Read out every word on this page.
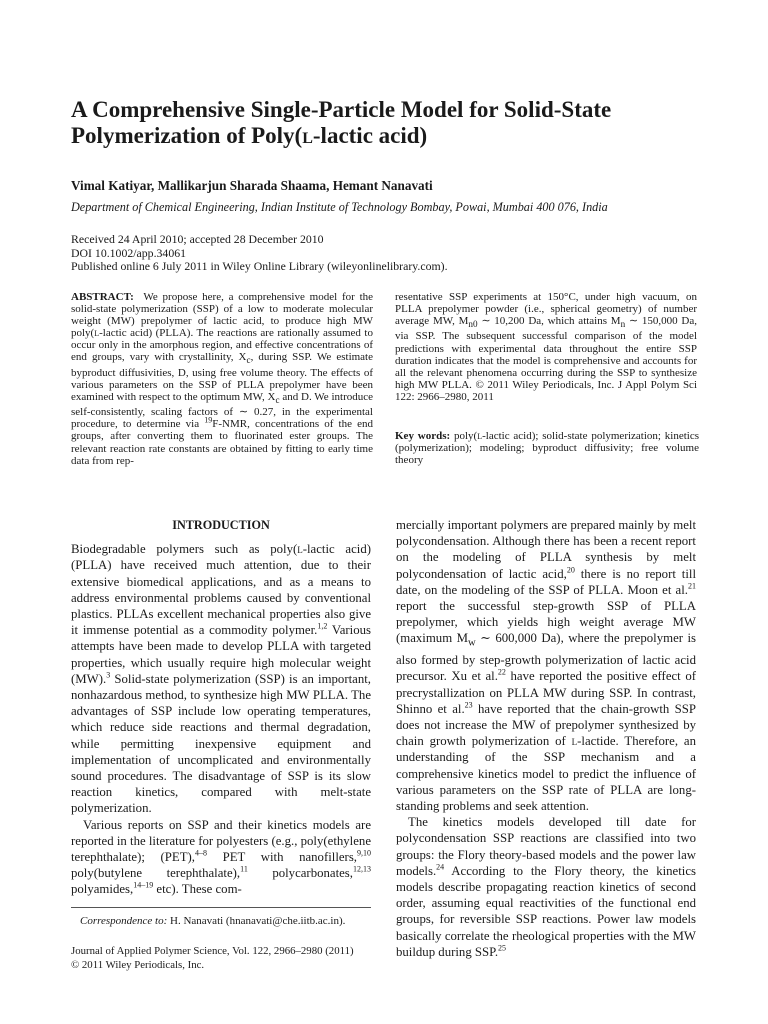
A Comprehensive Single-Particle Model for Solid-State Polymerization of Poly(l-lactic acid)

Vimal Katiyar, Mallikarjun Sharada Shaama, Hemant Nanavati

Department of Chemical Engineering, Indian Institute of Technology Bombay, Powai, Mumbai 400 076, India

Received 24 April 2010; accepted 28 December 2010
DOI 10.1002/app.34061
Published online 6 July 2011 in Wiley Online Library (wileyonlinelibrary.com).

ABSTRACT: We propose here, a comprehensive model for the solid-state polymerization (SSP) of a low to moderate molecular weight (MW) prepolymer of lactic acid, to produce high MW poly(l-lactic acid) (PLLA). The reactions are rationally assumed to occur only in the amorphous region, and effective concentrations of end groups, vary with crystallinity, $X_c$, during SSP. We estimate byproduct diffusivities, D, using free volume theory. The effects of various parameters on the SSP of PLLA prepolymer have been examined with respect to the optimum MW, $X_c$ and D. We introduce self-consistently, scaling factors of ∼ 0.27, in the experimental procedure, to determine via $^{19}$F-NMR, concentrations of the end groups, after converting them to fluorinated ester groups. The relevant reaction rate constants are obtained by fitting to early time data from rep-

resentative SSP experiments at 150°C, under high vacuum, on PLLA prepolymer powder (i.e., spherical geometry) of number average MW, $M_{n0}$ ∼ 10,200 Da, which attains $M_n$ ∼ 150,000 Da, via SSP. The subsequent successful comparison of the model predictions with experimental data throughout the entire SSP duration indicates that the model is comprehensive and accounts for all the relevant phenomena occurring during the SSP to synthesize high MW PLLA. © 2011 Wiley Periodicals, Inc. J Appl Polym Sci 122: 2966–2980, 2011

Key words: poly(l-lactic acid); solid-state polymerization; kinetics (polymerization); modeling; byproduct diffusivity; free volume theory

INTRODUCTION

Biodegradable polymers such as poly(l-lactic acid) (PLLA) have received much attention, due to their extensive biomedical applications, and as a means to address environmental problems caused by conventional plastics. PLLAs excellent mechanical properties also give it immense potential as a commodity polymer.$^{1,2}$ Various attempts have been made to develop PLLA with targeted properties, which usually require high molecular weight (MW).$^3$ Solid-state polymerization (SSP) is an important, nonhazardous method, to synthesize high MW PLLA. The advantages of SSP include low operating temperatures, which reduce side reactions and thermal degradation, while permitting inexpensive equipment and implementation of uncomplicated and environmentally sound procedures. The disadvantage of SSP is its slow reaction kinetics, compared with melt-state polymerization.

Various reports on SSP and their kinetics models are reported in the literature for polyesters (e.g., poly(ethylene terephthalate); (PET),$^{4-8}$ PET with nanofillers,$^{9,10}$ poly(butylene terephthalate),$^{11}$ polycarbonates,$^{12,13}$ polyamides,$^{14-19}$ etc). These com-

mercially important polymers are prepared mainly by melt polycondensation. Although there has been a recent report on the modeling of PLLA synthesis by melt polycondensation of lactic acid,$^{20}$ there is no report till date, on the modeling of the SSP of PLLA. Moon et al.$^{21}$ report the successful step-growth SSP of PLLA prepolymer, which yields high weight average MW (maximum $M_w$ ∼ 600,000 Da), where the prepolymer is also formed by step-growth polymerization of lactic acid precursor. Xu et al.$^{22}$ have reported the positive effect of precrystallization on PLLA MW during SSP. In contrast, Shinno et al.$^{23}$ have reported that the chain-growth SSP does not increase the MW of prepolymer synthesized by chain growth polymerization of l-lactide. Therefore, an understanding of the SSP mechanism and a comprehensive kinetics model to predict the influence of various parameters on the SSP rate of PLLA are long-standing problems and seek attention.

The kinetics models developed till date for polycondensation SSP reactions are classified into two groups: the Flory theory-based models and the power law models.$^{24}$ According to the Flory theory, the kinetics models describe propagating reaction kinetics of second order, assuming equal reactivities of the functional end groups, for reversible SSP reactions. Power law models basically correlate the rheological properties with the MW buildup during SSP.$^{25}$

Correspondence to: H. Nanavati (hnanavati@che.iitb.ac.in).

Journal of Applied Polymer Science, Vol. 122, 2966–2980 (2011)
© 2011 Wiley Periodicals, Inc.
